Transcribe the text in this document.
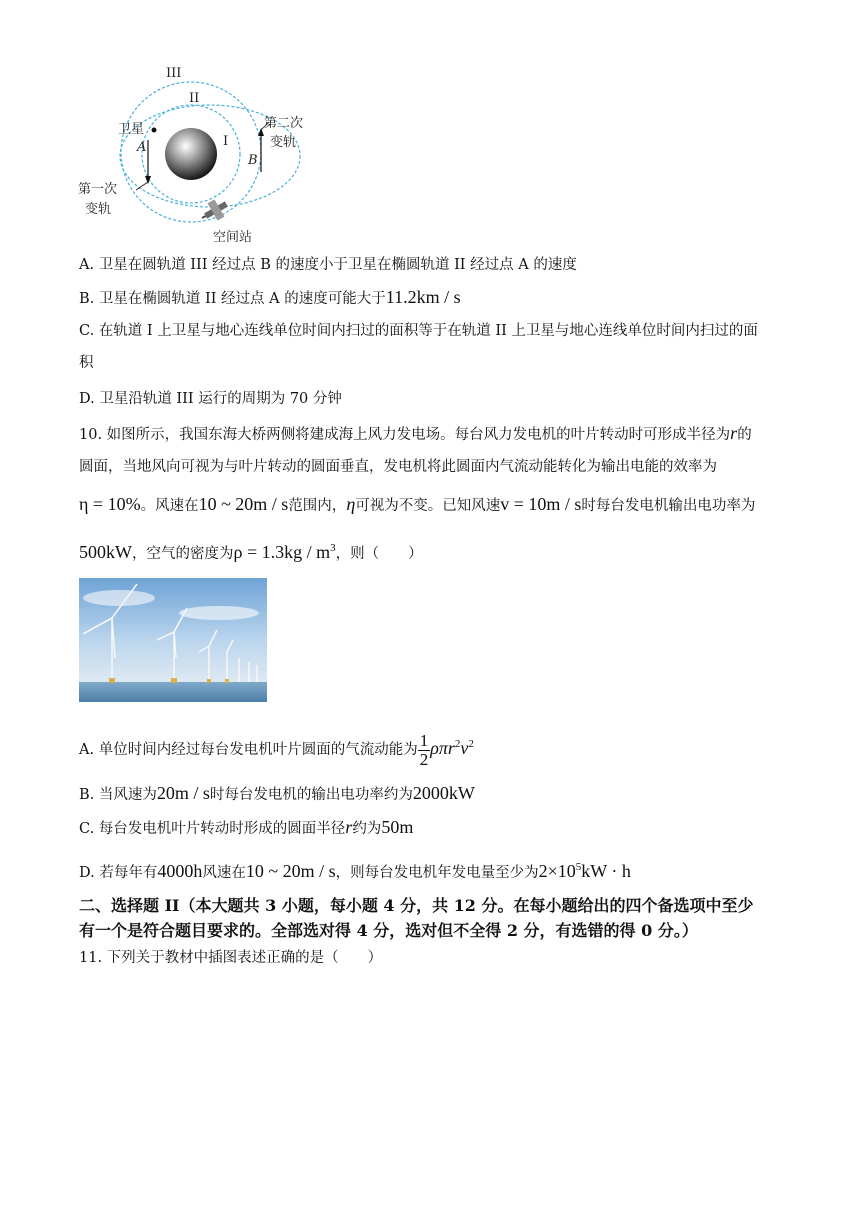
III
II
I
卫星
A
B
第一次
变轨
第二次
变轨
空间站
A. 卫星在圆轨道 III 经过点 B 的速度小于卫星在椭圆轨道 II 经过点 A 的速度
B. 卫星在椭圆轨道 II 经过点 A 的速度可能大于11.2km / s
C. 在轨道 I 上卫星与地心连线单位时间内扫过的面积等于在轨道 II 上卫星与地心连线单位时间内扫过的面
积
D. 卫星沿轨道 III 运行的周期为 70 分钟
10. 如图所示，我国东海大桥两侧将建成海上风力发电场。每台风力发电机的叶片转动时可形成半径为r的
圆面，当地风向可视为与叶片转动的圆面垂直，发电机将此圆面内气流动能转化为输出电能的效率为
η = 10%。风速在10 ~ 20m / s范围内，η可视为不变。已知风速v = 10m / s时每台发电机输出电功率为
500kW，空气的密度为$\rho = 1.3kg / m^3$，则（　　）
A. 单位时间内经过每台发电机叶片圆面的气流动能为 $\frac{1}{2} \rho\pi r^2v^2$
B. 当风速为20m / s时每台发电机的输出电功率约为2000kW
C. 每台发电机叶片转动时形成的圆面半径r约为50m
D. 若每年有4000h风速在10 ~ 20m / s，则每台发电机年发电量至少为$2\times 10^5kW \cdot h$
二、选择题 II（本大题共 3 小题，每小题 4 分，共 12 分。在每小题给出的四个备选项中至少
有一个是符合题目要求的。全部选对得 4 分，选对但不全得 2 分，有选错的得 0 分。）
11. 下列关于教材中插图表述正确的是（　　）
